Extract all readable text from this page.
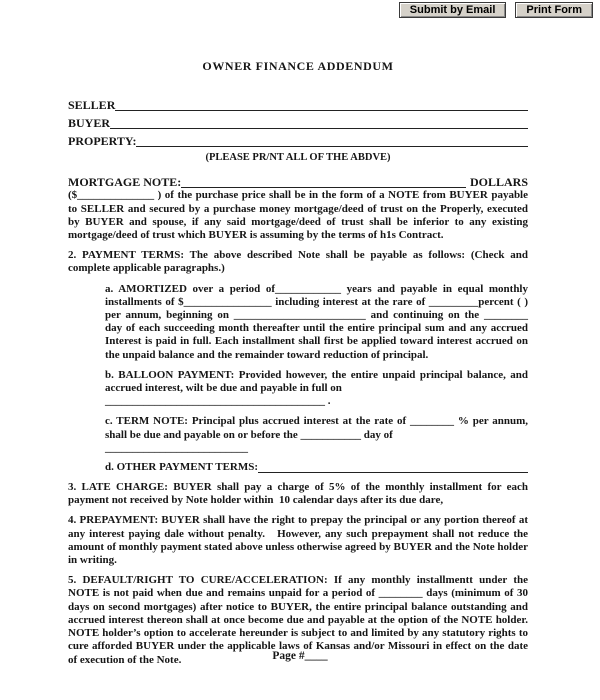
Submit by Email	Print Form
OWNER FINANCE ADDENDUM
SELLER
BUYER
PROPERTY:
(PLEASE PR/NT ALL OF THE ABDVE)
MORTGAGE NOTE:	DOLLARS

($______________ ) of the purchase price shall be in the form of a NOTE from BUYER payable to SELLER and secured by a purchase money mortgage/deed of trust on the Properly, executed by BUYER and spouse, if any said mortgage/deed of trust shall be inferior to any existing mortgage/deed of trust which BUYER is assuming by the terms of h1s Contract.

2. PAYMENT TERMS: The above described Note shall be payable as follows: (Check and complete applicable paragraphs.)

a. AMORTIZED over a period of____________ years and payable in equal monthly installments of $________________ including interest at the rare of _________percent ( ) per annum, beginning on ________________________ and continuing on the ________ day of each succeeding month thereafter until the entire principal sum and any accrued Interest is paid in full. Each installment shall first be applied toward interest accrued on the unpaid balance and the remainder toward reduction of principal.

b. BALLOON PAYMENT: Provided however, the entire unpaid principal balance, and accrued interest, wilt be due and payable in full on

________________________________________ .

c. TERM NOTE: Principal plus accrued interest at the rate of ________ % per annum, shall be due and payable on or before the ___________ day of

__________________________
d. OTHER PAYMENT TERMS:

3. LATE CHARGE: BUYER shall pay a charge of 5% of the monthly installment for each payment not received by Note holder within  10 calendar days after its due dare,

4. PREPAYMENT: BUYER shall have the right to prepay the principal or any portion thereof at any interest paying dale without penalty.   However, any such prepayment shall not reduce the amount of monthly payment stated above unless otherwise agreed by BUYER and the Note holder in writing.

5. DEFAULT/RIGHT TO CURE/ACCELERATION: If any monthly installmentt under the NOTE is not paid when due and remains unpaid for a period of ________ days (minimum of 30 days on second mortgages) after notice to BUYER, the entire principal balance outstanding and accrued interest thereon shall at once become due and payable at the option of the NOTE holder. NOTE holder’s option to accelerate hereunder is subject to and limited by any statutory rights to cure afforded BUYER under the applicable laws of Kansas and/or Missouri in effect on the date of execution of the Note.	Page #____
